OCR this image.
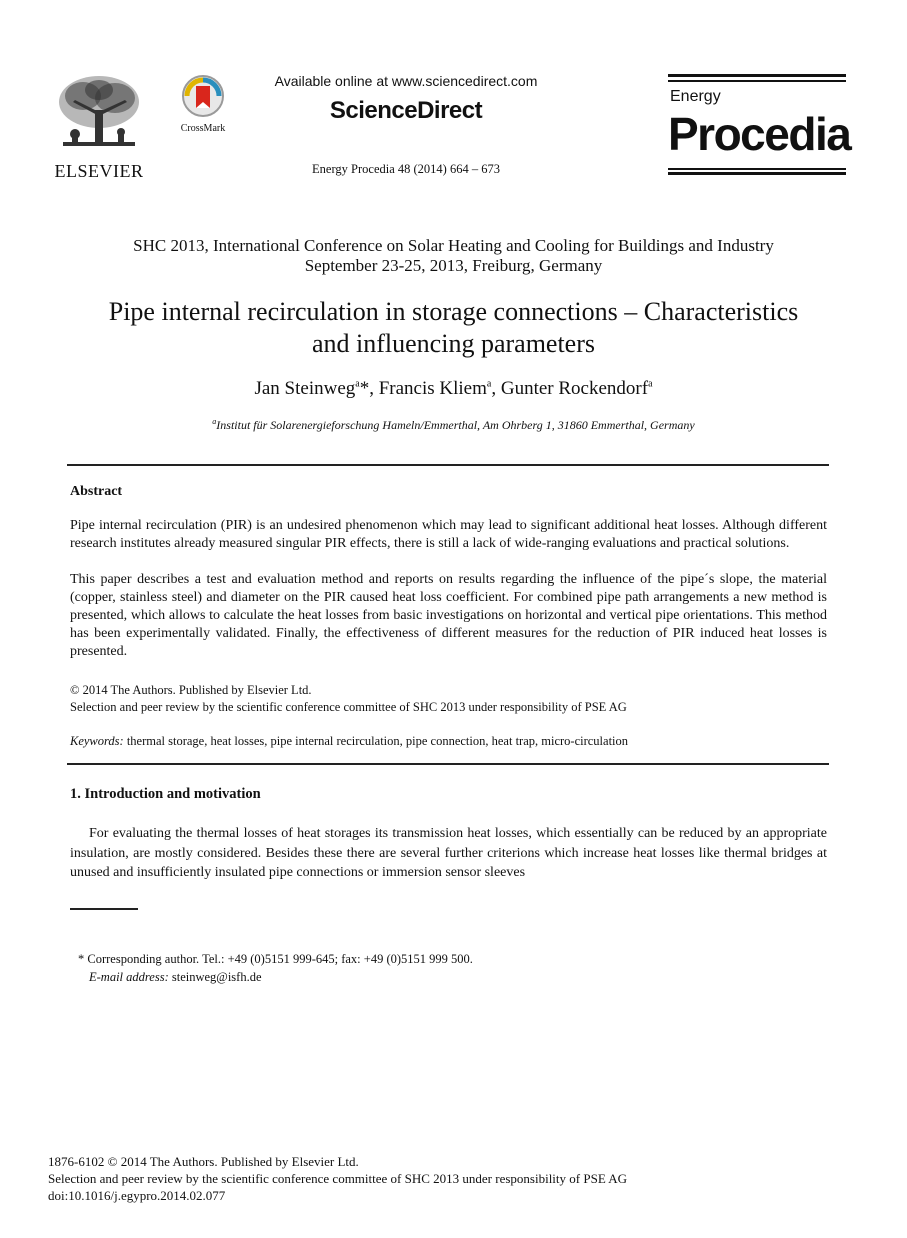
ELSEVIER
CrossMark
Available online at www.sciencedirect.com
ScienceDirect
Energy Procedia 48 (2014) 664 – 673
Energy
Procedia
SHC 2013, International Conference on Solar Heating and Cooling for Buildings and Industry
September 23-25, 2013, Freiburg, Germany
Pipe internal recirculation in storage connections – Characteristics
and influencing parameters
Jan Steinweg$^a$*, Francis Kliem$^a$, Gunter Rockendorf$^a$
$^a$Institut für Solarenergieforschung Hameln/Emmerthal, Am Ohrberg 1, 31860 Emmerthal, Germany
Abstract
Pipe internal recirculation (PIR) is an undesired phenomenon which may lead to significant additional heat losses. Although different research institutes already measured singular PIR effects, there is still a lack of wide-ranging evaluations and practical solutions.
This paper describes a test and evaluation method and reports on results regarding the influence of the pipe´s slope, the material (copper, stainless steel) and diameter on the PIR caused heat loss coefficient. For combined pipe path arrangements a new method is presented, which allows to calculate the heat losses from basic investigations on horizontal and vertical pipe orientations. This method has been experimentally validated. Finally, the effectiveness of different measures for the reduction of PIR induced heat losses is presented.
© 2014 The Authors. Published by Elsevier Ltd.
Selection and peer review by the scientific conference committee of SHC 2013 under responsibility of PSE AG
Keywords: thermal storage, heat losses, pipe internal recirculation, pipe connection, heat trap, micro-circulation
1. Introduction and motivation
For evaluating the thermal losses of heat storages its transmission heat losses, which essentially can be reduced by an appropriate insulation, are mostly considered. Besides these there are several further criterions which increase heat losses like thermal bridges at unused and insufficiently insulated pipe connections or immersion sensor sleeves
* Corresponding author. Tel.: +49 (0)5151 999-645; fax: +49 (0)5151 999 500.
E-mail address: steinweg@isfh.de
1876-6102 © 2014 The Authors. Published by Elsevier Ltd.
Selection and peer review by the scientific conference committee of SHC 2013 under responsibility of PSE AG
doi:10.1016/j.egypro.2014.02.077
